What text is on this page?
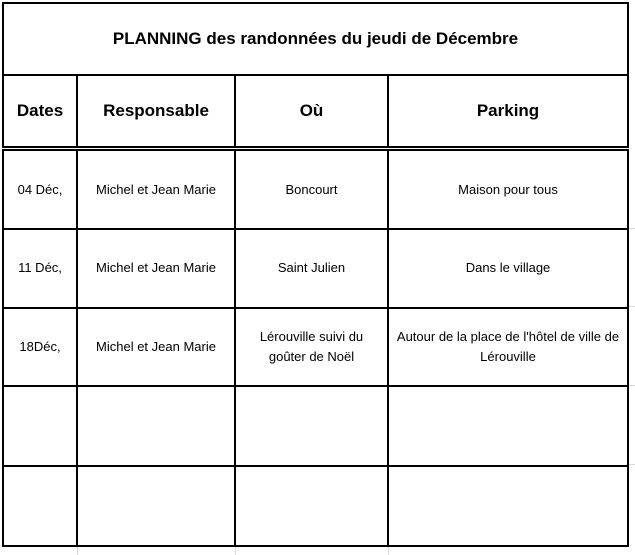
PLANNING des randonnées du jeudi de Décembre			
Dates	Responsable	Où	Parking
04 Déc,	Michel et Jean Marie	Boncourt	Maison pour tous
11 Déc,	Michel et Jean Marie	Saint Julien	Dans le village
18Déc,	Michel et Jean Marie	Lérouville suivi du goûter de Noël	Autour de la place de l'hôtel de ville de Lérouville
